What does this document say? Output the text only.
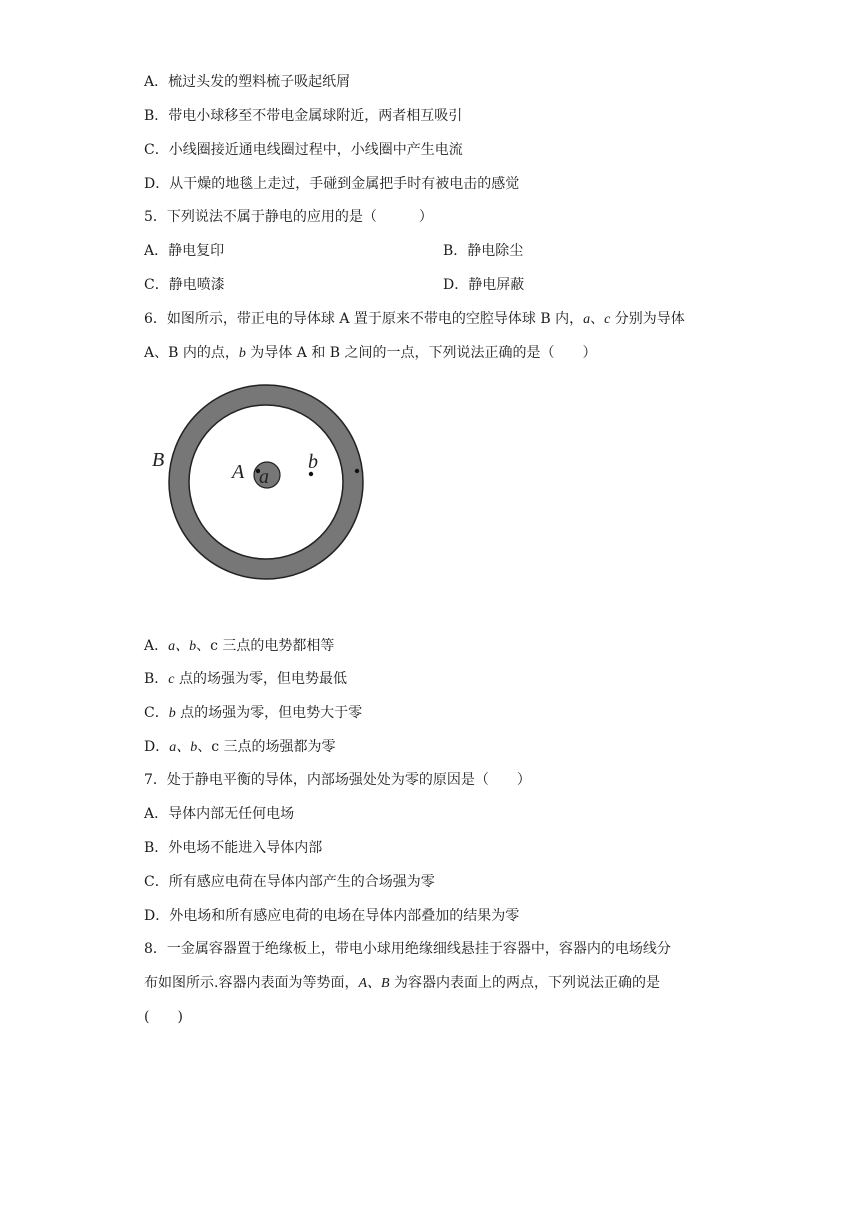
A．梳过头发的塑料梳子吸起纸屑
B．带电小球移至不带电金属球附近，两者相互吸引
C．小线圈接近通电线圈过程中，小线圈中产生电流
D．从干燥的地毯上走过，手碰到金属把手时有被电击的感觉
5．下列说法不属于静电的应用的是（　　　）
A．静电复印	B．静电除尘
C．静电喷漆	D．静电屏蔽
6．如图所示，带正电的导体球 A 置于原来不带电的空腔导体球 B 内，a、c 分别为导体
A、B 内的点，b 为导体 A 和 B 之间的一点，下列说法正确的是（　　）
B
A a
b
A．a、b、c 三点的电势都相等
B．c 点的场强为零，但电势最低
C．b 点的场强为零，但电势大于零
D．a、b、c 三点的场强都为零
7．处于静电平衡的导体，内部场强处处为零的原因是（　　）
A．导体内部无任何电场
B．外电场不能进入导体内部
C．所有感应电荷在导体内部产生的合场强为零
D．外电场和所有感应电荷的电场在导体内部叠加的结果为零
8．一金属容器置于绝缘板上，带电小球用绝缘细线悬挂于容器中，容器内的电场线分
布如图所示.容器内表面为等势面，A、B 为容器内表面上的两点，下列说法正确的是
(　　)
